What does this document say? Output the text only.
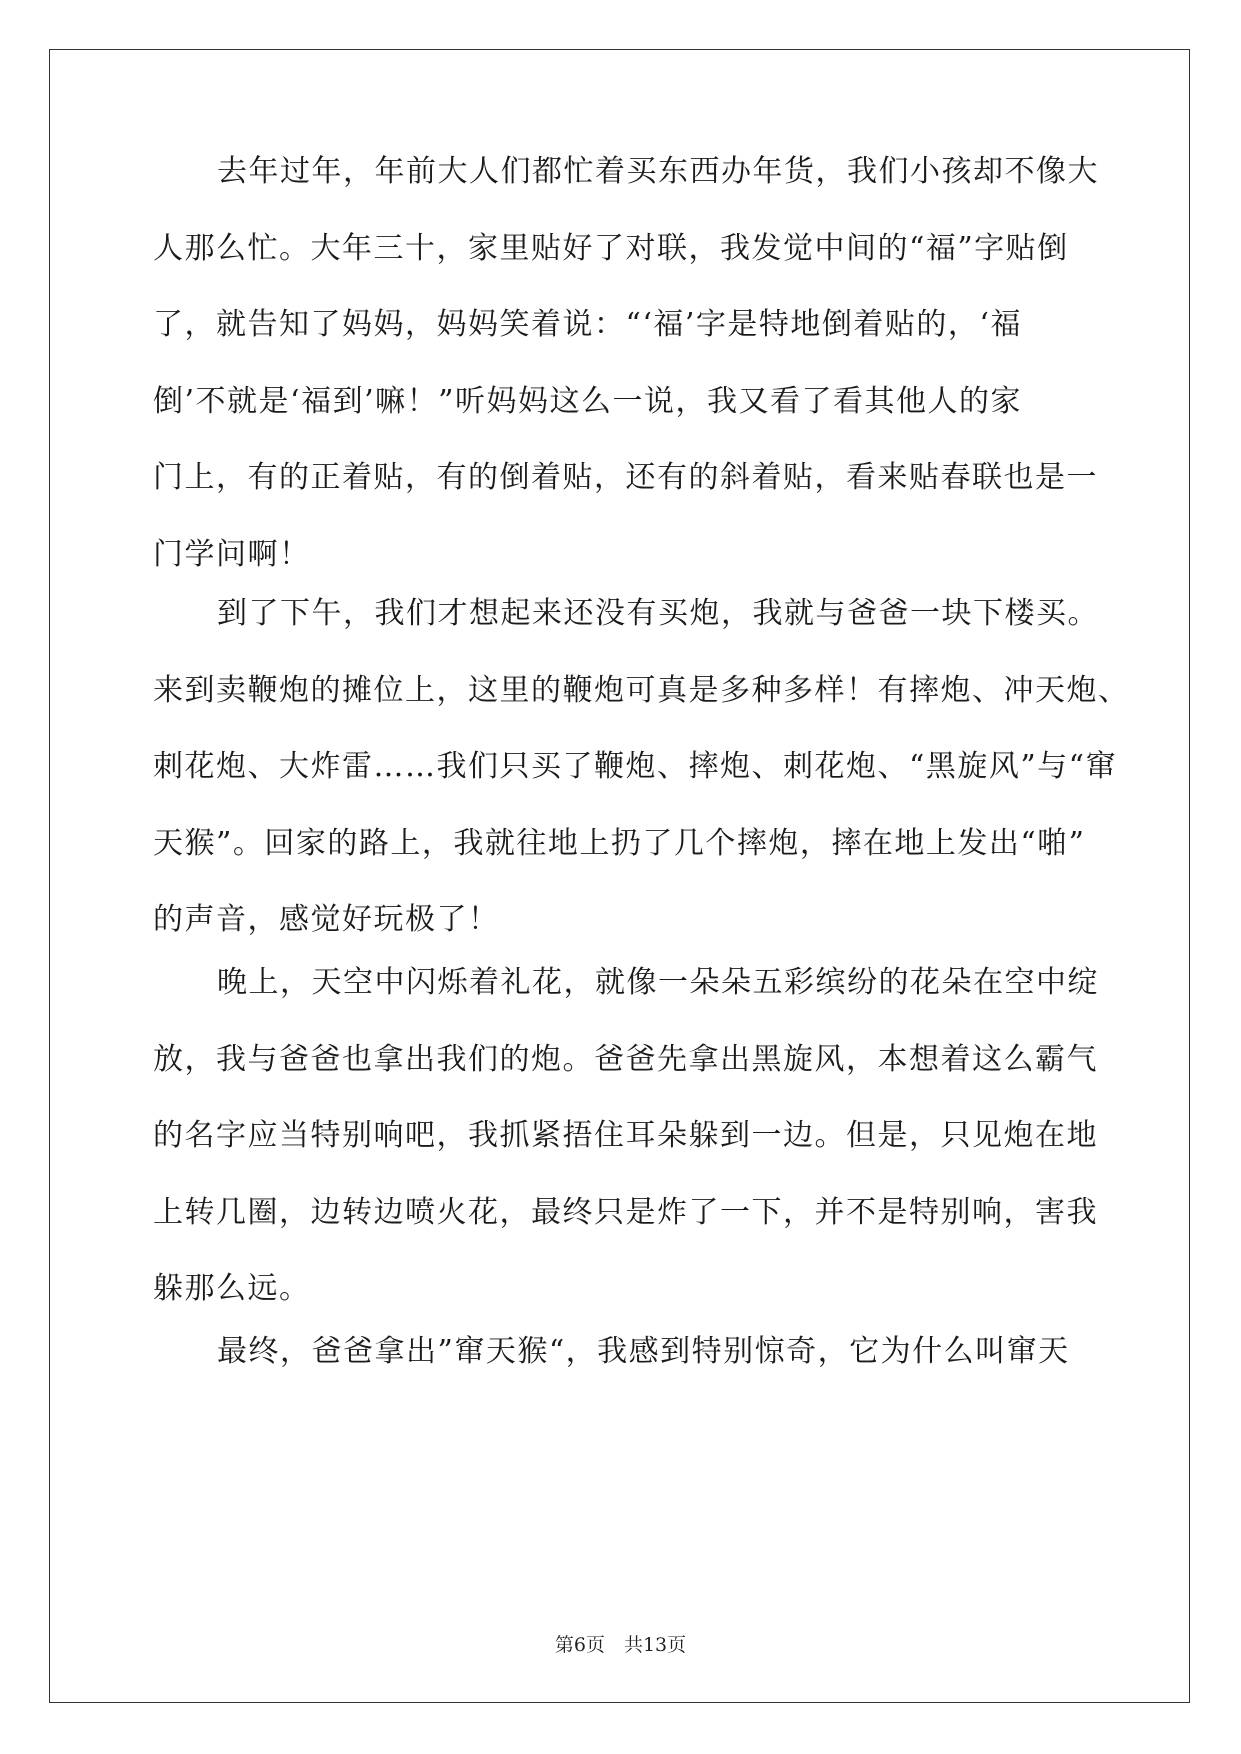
去年过年，年前大人们都忙着买东西办年货，我们小孩却不像大
人那么忙。大年三十，家里贴好了对联，我发觉中间的“福”字贴倒
了，就告知了妈妈，妈妈笑着说：“‘福’字是特地倒着贴的，‘福
倒’不就是‘福到’嘛！”听妈妈这么一说，我又看了看其他人的家
门上，有的正着贴，有的倒着贴，还有的斜着贴，看来贴春联也是一
门学问啊！
到了下午，我们才想起来还没有买炮，我就与爸爸一块下楼买。
来到卖鞭炮的摊位上，这里的鞭炮可真是多种多样！有摔炮、冲天炮、
刺花炮、大炸雷……我们只买了鞭炮、摔炮、刺花炮、“黑旋风”与“窜
天猴”。回家的路上，我就往地上扔了几个摔炮，摔在地上发出“啪”
的声音，感觉好玩极了！
晚上，天空中闪烁着礼花，就像一朵朵五彩缤纷的花朵在空中绽
放，我与爸爸也拿出我们的炮。爸爸先拿出黑旋风，本想着这么霸气
的名字应当特别响吧，我抓紧捂住耳朵躲到一边。但是，只见炮在地
上转几圈，边转边喷火花，最终只是炸了一下，并不是特别响，害我
躲那么远。
最终，爸爸拿出”窜天猴“，我感到特别惊奇，它为什么叫窜天
第6页　共13页
